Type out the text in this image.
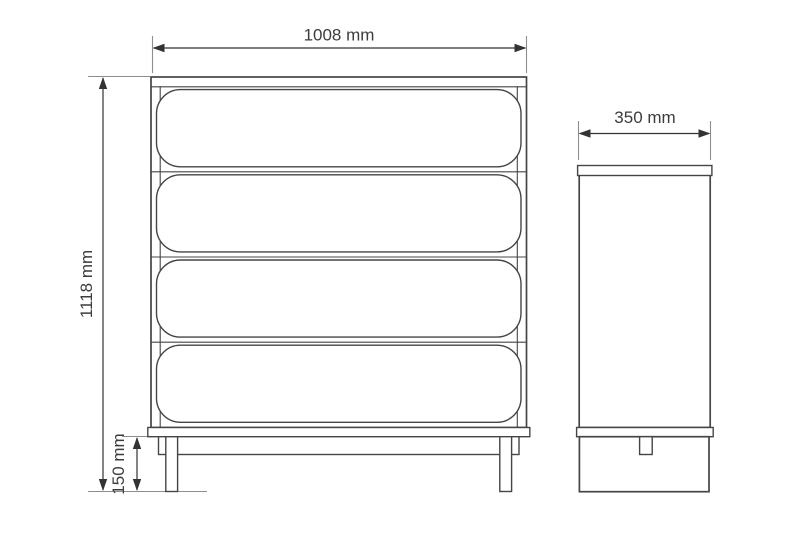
1008 mm
1118 mm
150 mm
350 mm
